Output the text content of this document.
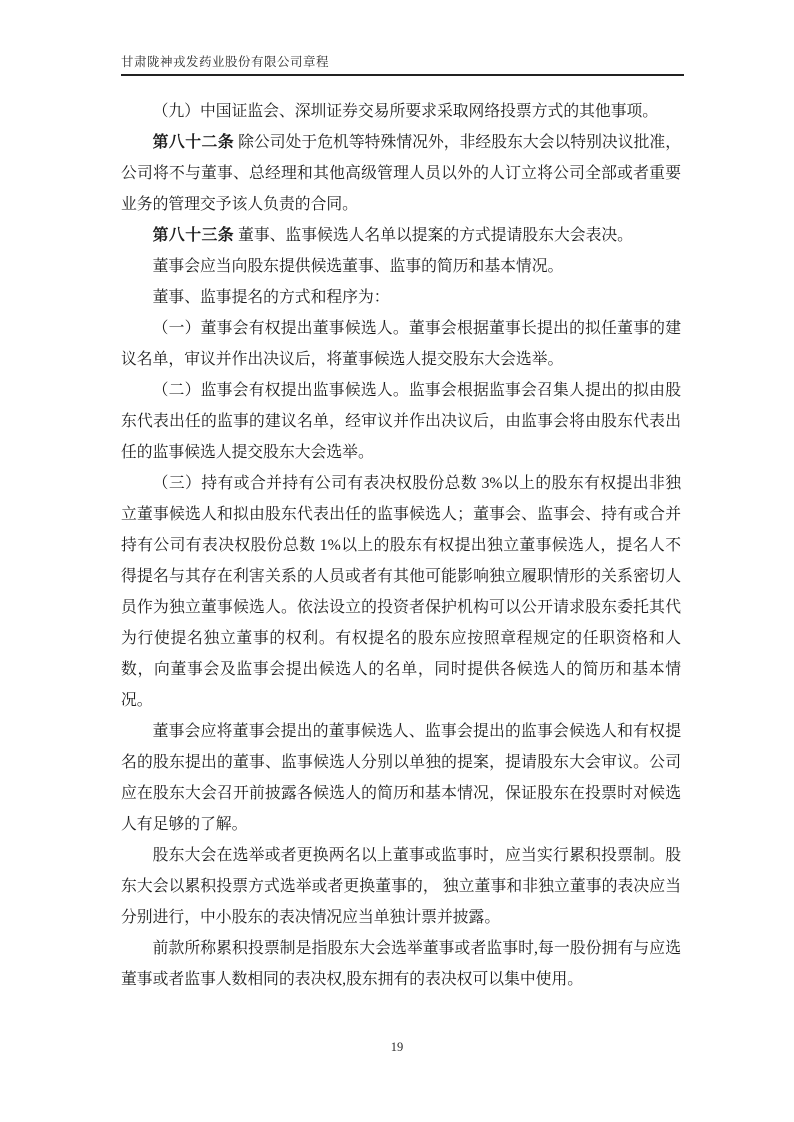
甘肃陇神戎发药业股份有限公司章程

（九）中国证监会、深圳证券交易所要求采取网络投票方式的其他事项。

第八十二条 除公司处于危机等特殊情况外，非经股东大会以特别决议批准，公司将不与董事、总经理和其他高级管理人员以外的人订立将公司全部或者重要业务的管理交予该人负责的合同。

第八十三条 董事、监事候选人名单以提案的方式提请股东大会表决。

董事会应当向股东提供候选董事、监事的简历和基本情况。

董事、监事提名的方式和程序为：

（一）董事会有权提出董事候选人。董事会根据董事长提出的拟任董事的建议名单，审议并作出决议后，将董事候选人提交股东大会选举。

（二）监事会有权提出监事候选人。监事会根据监事会召集人提出的拟由股东代表出任的监事的建议名单，经审议并作出决议后，由监事会将由股东代表出任的监事候选人提交股东大会选举。

（三）持有或合并持有公司有表决权股份总数 3%以上的股东有权提出非独立董事候选人和拟由股东代表出任的监事候选人；董事会、监事会、持有或合并持有公司有表决权股份总数 1%以上的股东有权提出独立董事候选人，提名人不得提名与其存在利害关系的人员或者有其他可能影响独立履职情形的关系密切人员作为独立董事候选人。依法设立的投资者保护机构可以公开请求股东委托其代为行使提名独立董事的权利。有权提名的股东应按照章程规定的任职资格和人数，向董事会及监事会提出候选人的名单，同时提供各候选人的简历和基本情况。

董事会应将董事会提出的董事候选人、监事会提出的监事会候选人和有权提名的股东提出的董事、监事候选人分别以单独的提案，提请股东大会审议。公司应在股东大会召开前披露各候选人的简历和基本情况，保证股东在投票时对候选人有足够的了解。

股东大会在选举或者更换两名以上董事或监事时，应当实行累积投票制。股东大会以累积投票方式选举或者更换董事的， 独立董事和非独立董事的表决应当分别进行，中小股东的表决情况应当单独计票并披露。

前款所称累积投票制是指股东大会选举董事或者监事时,每一股份拥有与应选董事或者监事人数相同的表决权,股东拥有的表决权可以集中使用。

19
